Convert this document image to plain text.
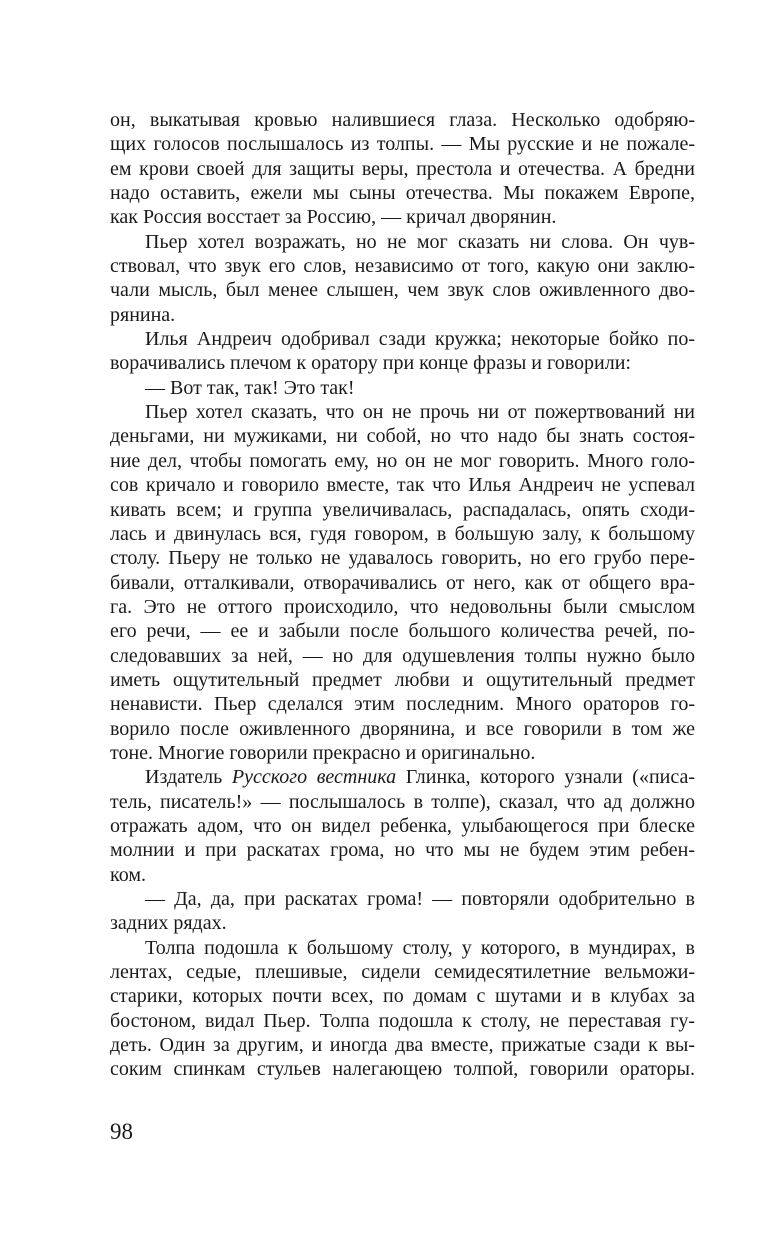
он, выкатывая кровью налившиеся глаза. Несколько одобряю-
щих голосов послышалось из толпы. — Мы русские и не пожале-
ем крови своей для защиты веры, престола и отечества. А бредни
надо оставить, ежели мы сыны отечества. Мы покажем Европе,
как Россия восстает за Россию, — кричал дворянин.
Пьер хотел возражать, но не мог сказать ни слова. Он чув-
ствовал, что звук его слов, независимо от того, какую они заклю-
чали мысль, был менее слышен, чем звук слов оживленного дво-
рянина.
Илья Андреич одобривал сзади кружка; некоторые бойко по-
ворачивались плечом к оратору при конце фразы и говорили:
— Вот так, так! Это так!
Пьер хотел сказать, что он не прочь ни от пожертвований ни
деньгами, ни мужиками, ни собой, но что надо бы знать состоя-
ние дел, чтобы помогать ему, но он не мог говорить. Много голо-
сов кричало и говорило вместе, так что Илья Андреич не успевал
кивать всем; и группа увеличивалась, распадалась, опять сходи-
лась и двинулась вся, гудя говором, в большую залу, к большому
столу. Пьеру не только не удавалось говорить, но его грубо пере-
бивали, отталкивали, отворачивались от него, как от общего вра-
га. Это не оттого происходило, что недовольны были смыслом
его речи, — ее и забыли после большого количества речей, по-
следовавших за ней, — но для одушевления толпы нужно было
иметь ощутительный предмет любви и ощутительный предмет
ненависти. Пьер сделался этим последним. Много ораторов го-
ворило после оживленного дворянина, и все говорили в том же
тоне. Многие говорили прекрасно и оригинально.
Издатель Русского вестника Глинка, которого узнали («писа-
тель, писатель!» — послышалось в толпе), сказал, что ад должно
отражать адом, что он видел ребенка, улыбающегося при блеске
молнии и при раскатах грома, но что мы не будем этим ребен-
ком.
— Да, да, при раскатах грома! — повторяли одобрительно в
задних рядах.
Толпа подошла к большому столу, у которого, в мундирах, в
лентах, седые, плешивые, сидели семидесятилетние вельможи-
старики, которых почти всех, по домам с шутами и в клубах за
бостоном, видал Пьер. Толпа подошла к столу, не переставая гу-
деть. Один за другим, и иногда два вместе, прижатые сзади к вы-
соким спинкам стульев налегающею толпой, говорили ораторы.
98
